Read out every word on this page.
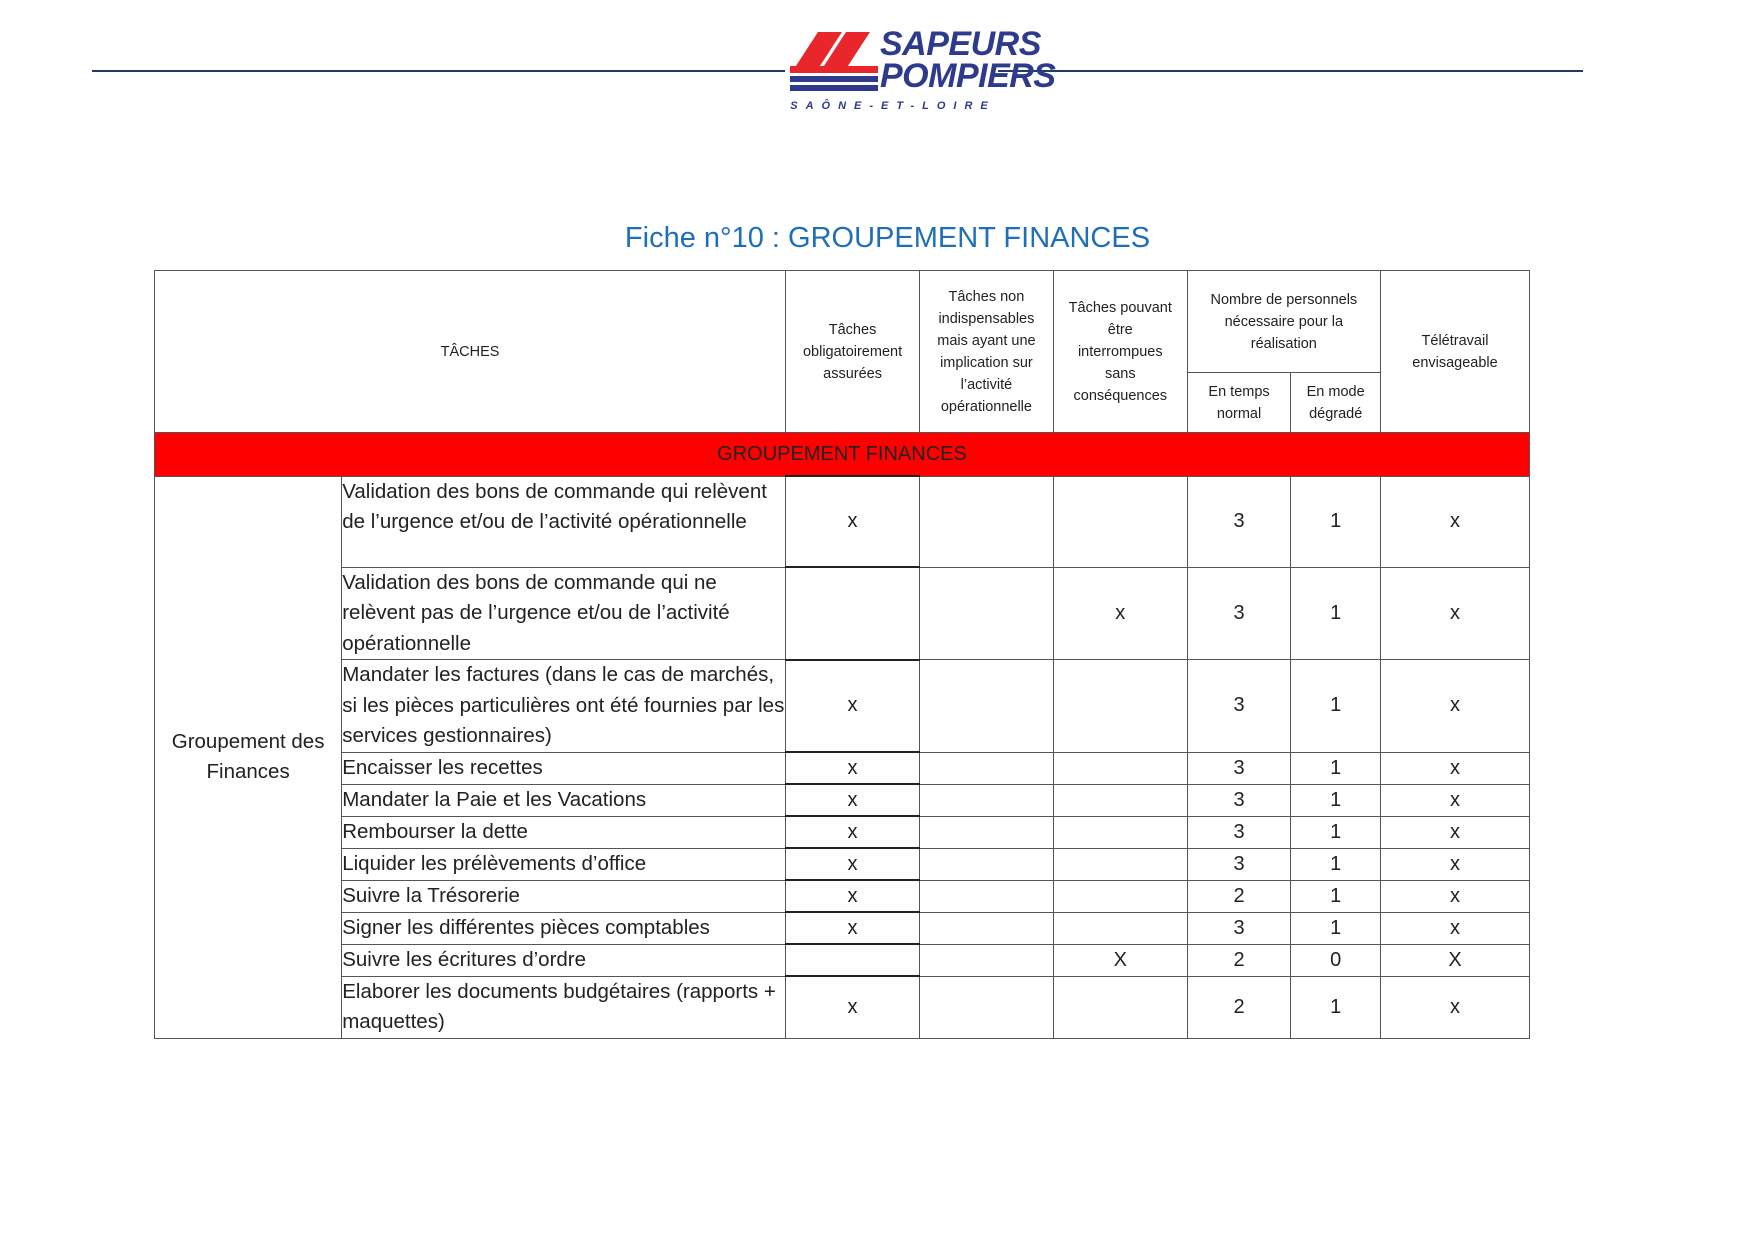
SAPEURS
POMPIERS
SAÔNE-ET-LOIRE
Fiche n°10 : GROUPEMENT FINANCES
TÂCHES		Tâches obligatoirement assurées	Tâches non indispensables mais ayant une implication sur l’activité opérationnelle	Tâches pouvant être interrompues sans conséquences	Nombre de personnels nécessaire pour la réalisation		Télétravail envisageable
					En temps normal	En mode dégradé	
GROUPEMENT FINANCES							
Groupement des Finances	Validation des bons de commande qui relèvent de l’urgence et/ou de l’activité opérationnelle	x			3	1	x
	Validation des bons de commande qui ne relèvent pas de l’urgence et/ou de l’activité opérationnelle			x	3	1	x
	Mandater les factures (dans le cas de marchés, si les pièces particulières ont été fournies par les services gestionnaires)	x			3	1	x
	Encaisser les recettes	x			3	1	x
	Mandater la Paie et les Vacations	x			3	1	x
	Rembourser la dette	x			3	1	x
	Liquider les prélèvements d’office	x			3	1	x
	Suivre la Trésorerie	x			2	1	x
	Signer les différentes pièces comptables	x			3	1	x
	Suivre les écritures d’ordre			X	2	0	X
	Elaborer les documents budgétaires (rapports + maquettes)	x			2	1	x
